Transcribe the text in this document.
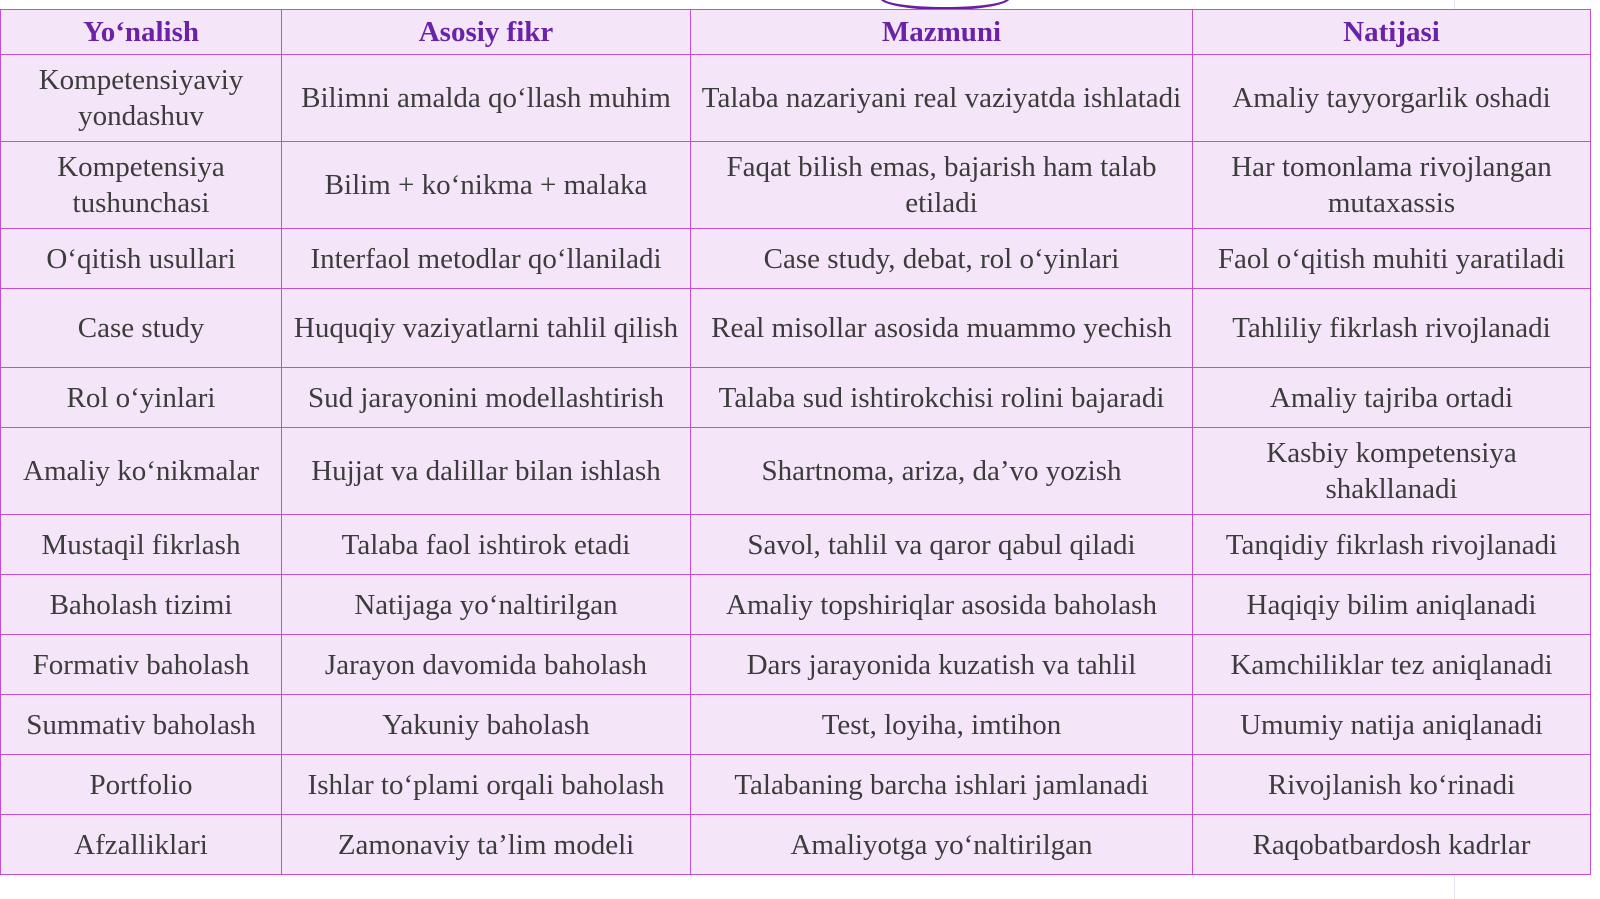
Yo‘nalish	Asosiy fikr	Mazmuni	Natijasi
Kompetensiyaviy yondashuv	Bilimni amalda qo‘llash muhim	Talaba nazariyani real vaziyatda ishlatadi	Amaliy tayyorgarlik oshadi
Kompetensiya tushunchasi	Bilim + ko‘nikma + malaka	Faqat bilish emas, bajarish ham talab etiladi	Har tomonlama rivojlangan mutaxassis
O‘qitish usullari	Interfaol metodlar qo‘llaniladi	Case study, debat, rol o‘yinlari	Faol o‘qitish muhiti yaratiladi
Case study	Huquqiy vaziyatlarni tahlil qilish	Real misollar asosida muammo yechish	Tahliliy fikrlash rivojlanadi
Rol o‘yinlari	Sud jarayonini modellashtirish	Talaba sud ishtirokchisi rolini bajaradi	Amaliy tajriba ortadi
Amaliy ko‘nikmalar	Hujjat va dalillar bilan ishlash	Shartnoma, ariza, da’vo yozish	Kasbiy kompetensiya shakllanadi
Mustaqil fikrlash	Talaba faol ishtirok etadi	Savol, tahlil va qaror qabul qiladi	Tanqidiy fikrlash rivojlanadi
Baholash tizimi	Natijaga yo‘naltirilgan	Amaliy topshiriqlar asosida baholash	Haqiqiy bilim aniqlanadi
Formativ baholash	Jarayon davomida baholash	Dars jarayonida kuzatish va tahlil	Kamchiliklar tez aniqlanadi
Summativ baholash	Yakuniy baholash	Test, loyiha, imtihon	Umumiy natija aniqlanadi
Portfolio	Ishlar to‘plami orqali baholash	Talabaning barcha ishlari jamlanadi	Rivojlanish ko‘rinadi
Afzalliklari	Zamonaviy ta’lim modeli	Amaliyotga yo‘naltirilgan	Raqobatbardosh kadrlar
